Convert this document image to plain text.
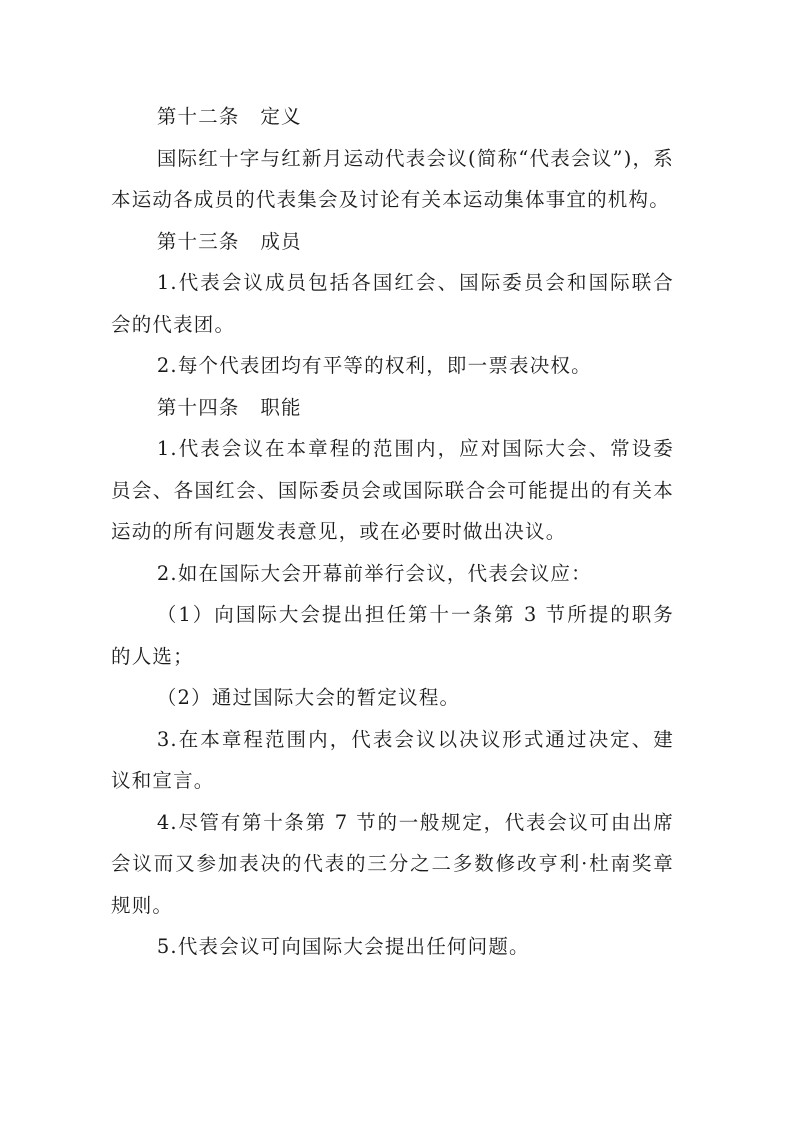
第十二条　定义

国际红十字与红新月运动代表会议(简称“代表会议”)，系本运动各成员的代表集会及讨论有关本运动集体事宜的机构。

第十三条　成员

1.代表会议成员包括各国红会、国际委员会和国际联合会的代表团。

2.每个代表团均有平等的权利，即一票表决权。

第十四条　职能

1.代表会议在本章程的范围内，应对国际大会、常设委员会、各国红会、国际委员会或国际联合会可能提出的有关本运动的所有问题发表意见，或在必要时做出决议。

2.如在国际大会开幕前举行会议，代表会议应：

（1）向国际大会提出担任第十一条第 3 节所提的职务的人选；

（2）通过国际大会的暂定议程。

3.在本章程范围内，代表会议以决议形式通过决定、建议和宣言。

4.尽管有第十条第 7 节的一般规定，代表会议可由出席会议而又参加表决的代表的三分之二多数修改亨利·杜南奖章规则。

5.代表会议可向国际大会提出任何问题。
